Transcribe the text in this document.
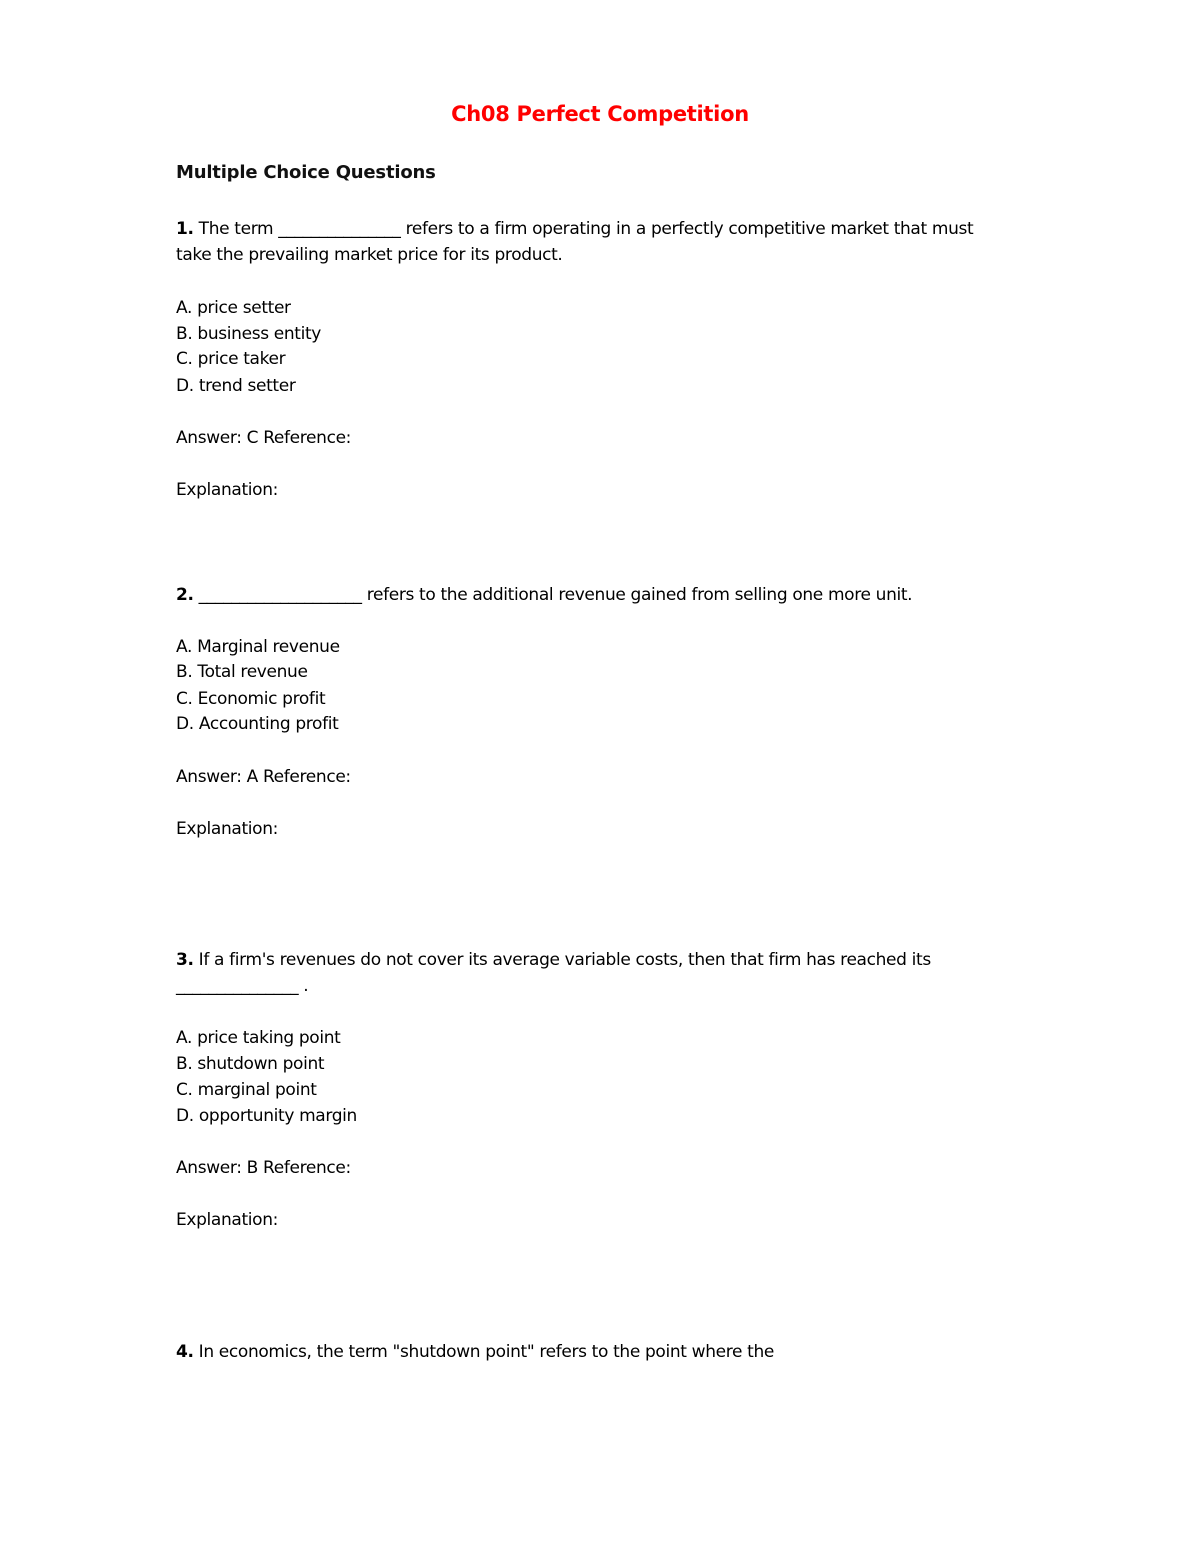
Ch08 Perfect Competition
Multiple Choice Questions
1. The term _______________ refers to a firm operating in a perfectly competitive market that must
take the prevailing market price for its product.
A. price setter
B. business entity
C. price taker
D. trend setter
Answer: C Reference:
Explanation:
2. ____________________ refers to the additional revenue gained from selling one more unit.
A. Marginal revenue
B. Total revenue
C. Economic profit
D. Accounting profit
Answer: A Reference:
Explanation:
3. If a firm's revenues do not cover its average variable costs, then that firm has reached its
_______________ .
A. price taking point
B. shutdown point
C. marginal point
D. opportunity margin
Answer: B Reference:
Explanation:
4. In economics, the term "shutdown point" refers to the point where the
